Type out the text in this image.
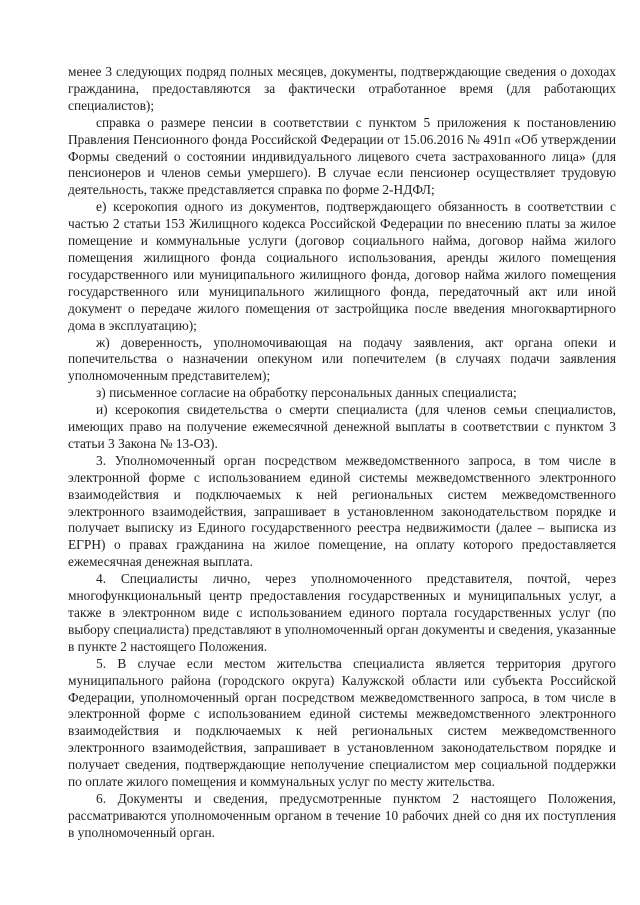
менее 3 следующих подряд полных месяцев, документы, подтверждающие сведения о доходах гражданина, предоставляются за фактически отработанное время (для работающих специалистов);

справка о размере пенсии в соответствии с пунктом 5 приложения к постановлению Правления Пенсионного фонда Российской Федерации от 15.06.2016 № 491п «Об утверждении Формы сведений о состоянии индивидуального лицевого счета застрахованного лица» (для пенсионеров и членов семьи умершего). В случае если пенсионер осуществляет трудовую деятельность, также представляется справка по форме 2-НДФЛ;

е) ксерокопия одного из документов, подтверждающего обязанность в соответствии с частью 2 статьи 153 Жилищного кодекса Российской Федерации по внесению платы за жилое помещение и коммунальные услуги (договор социального найма, договор найма жилого помещения жилищного фонда социального использования, аренды жилого помещения государственного или муниципального жилищного фонда, договор найма жилого помещения государственного или муниципального жилищного фонда, передаточный акт или иной документ о передаче жилого помещения от застройщика после введения многоквартирного дома в эксплуатацию);

ж) доверенность, уполномочивающая на подачу заявления, акт органа опеки и попечительства о назначении опекуном или попечителем (в случаях подачи заявления уполномоченным представителем);

з) письменное согласие на обработку персональных данных специалиста;

и) ксерокопия свидетельства о смерти специалиста (для членов семьи специалистов, имеющих право на получение ежемесячной денежной выплаты в соответствии с пунктом 3 статьи 3 Закона № 13-ОЗ).

3. Уполномоченный орган посредством межведомственного запроса, в том числе в электронной форме с использованием единой системы межведомственного электронного взаимодействия и подключаемых к ней региональных систем межведомственного электронного взаимодействия, запрашивает в установленном законодательством порядке и получает выписку из Единого государственного реестра недвижимости (далее – выписка из ЕГРН) о правах гражданина на жилое помещение, на оплату которого предоставляется ежемесячная денежная выплата.

4. Специалисты лично, через уполномоченного представителя, почтой, через многофункциональный центр предоставления государственных и муниципальных услуг, а также в электронном виде с использованием единого портала государственных услуг (по выбору специалиста) представляют в уполномоченный орган документы и сведения, указанные в пункте 2 настоящего Положения.

5. В случае если местом жительства специалиста является территория другого муниципального района (городского округа) Калужской области или субъекта Российской Федерации, уполномоченный орган посредством межведомственного запроса, в том числе в электронной форме с использованием единой системы межведомственного электронного взаимодействия и подключаемых к ней региональных систем межведомственного электронного взаимодействия, запрашивает в установленном законодательством порядке и получает сведения, подтверждающие неполучение специалистом мер социальной поддержки по оплате жилого помещения и коммунальных услуг по месту жительства.

6. Документы и сведения, предусмотренные пунктом 2 настоящего Положения, рассматриваются уполномоченным органом в течение 10 рабочих дней со дня их поступления в уполномоченный орган.
